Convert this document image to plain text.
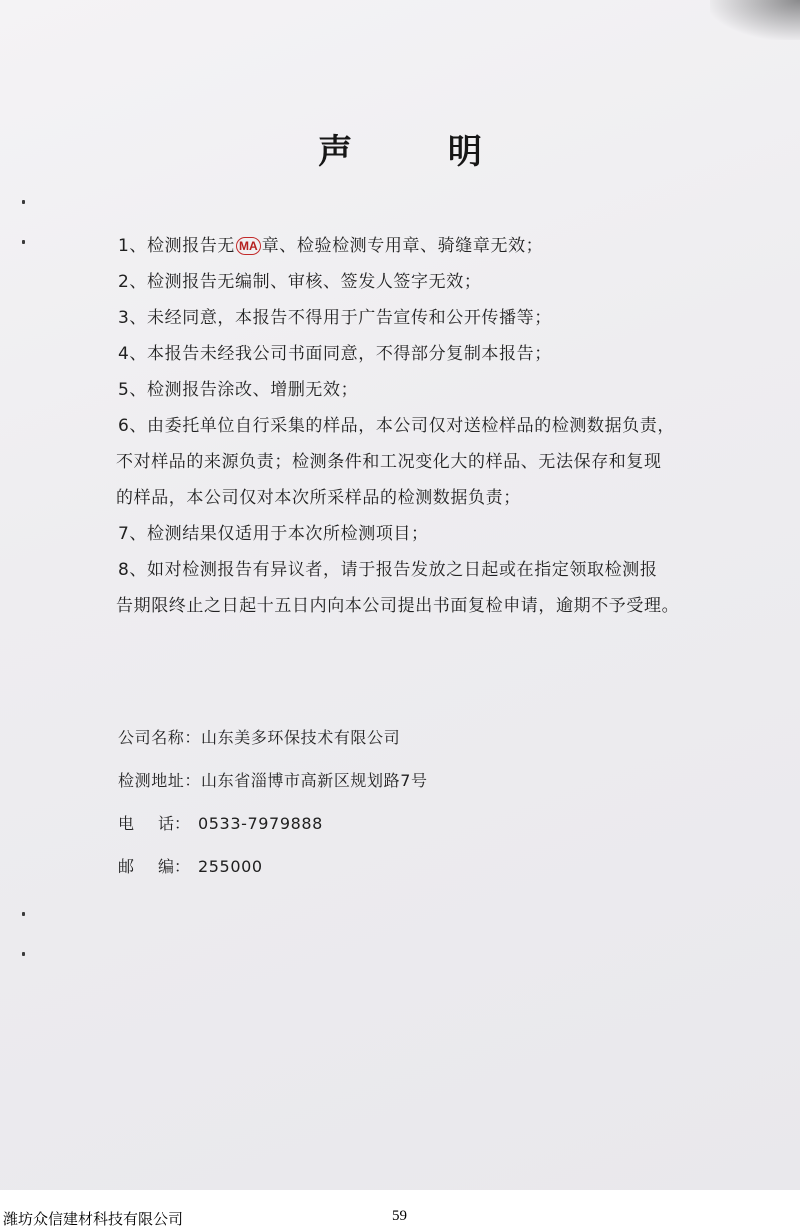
声 明
1、检测报告无 MA 章、检验检测专用章、骑缝章无效；
2、检测报告无编制、审核、签发人签字无效；
3、未经同意，本报告不得用于广告宣传和公开传播等；
4、本报告未经我公司书面同意，不得部分复制本报告；
5、检测报告涂改、增删无效；
6、由委托单位自行采集的样品，本公司仅对送检样品的检测数据负责，
不对样品的来源负责；检测条件和工况变化大的样品、无法保存和复现
的样品，本公司仅对本次所采样品的检测数据负责；
7、检测结果仅适用于本次所检测项目；
8、如对检测报告有异议者，请于报告发放之日起或在指定领取检测报
告期限终止之日起十五日内向本公司提出书面复检申请，逾期不予受理。
公司名称：山东美多环保技术有限公司
检测地址：山东省淄博市高新区规划路7号
电 话： 0533-7979888
邮 编： 255000
潍坊众信建材科技有限公司	59
